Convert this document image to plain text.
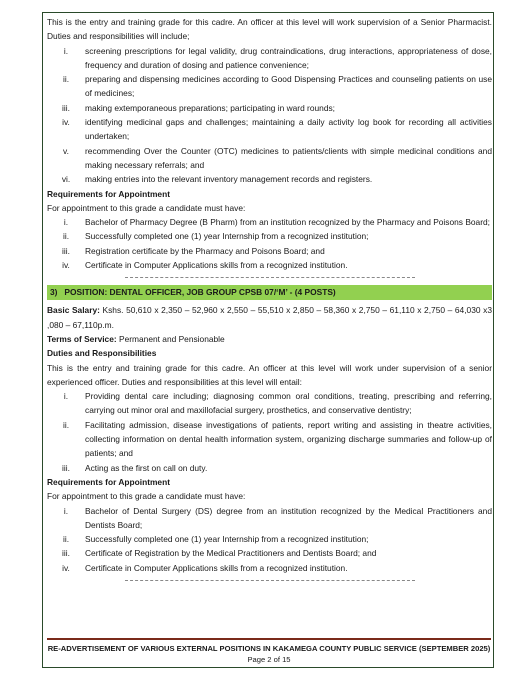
This is the entry and training grade for this cadre. An officer at this level will work supervision of a Senior Pharmacist. Duties and responsibilities will include;

i.	screening prescriptions for legal validity, drug contraindications, drug interactions, appropriateness of dose, frequency and duration of dosing and patience convenience;
ii.	preparing and dispensing medicines according to Good Dispensing Practices and counseling patients on use of medicines;
iii.	making extemporaneous preparations; participating in ward rounds;
iv.	identifying medicinal gaps and challenges; maintaining a daily activity log book for recording all activities undertaken;
v.	recommending Over the Counter (OTC) medicines to patients/clients with simple medicinal conditions and making necessary referrals; and
vi.	making entries into the relevant inventory management records and registers.

Requirements for Appointment

For appointment to this grade a candidate must have:

i.	Bachelor of Pharmacy Degree (B Pharm) from an institution recognized by the Pharmacy and Poisons Board;
ii.	Successfully completed one (1) year Internship from a recognized institution;
iii.	Registration certificate by the Pharmacy and Poisons Board; and
iv.	Certificate in Computer Applications skills from a recognized institution.
3)   POSITION: DENTAL OFFICER, JOB GROUP CPSB 07/‘M’ - (4 POSTS)

Basic Salary: Kshs. 50,610 x 2,350 – 52,960 x 2,550 – 55,510 x 2,850 – 58,360 x 2,750 – 61,110 x 2,750 – 64,030 x3 ,080 – 67,110p.m.

Terms of Service: Permanent and Pensionable

Duties and Responsibilities

This is the entry and training grade for this cadre. An officer at this level will work under supervision of a senior experienced officer. Duties and responsibilities at this level will entail:

i.	Providing dental care including; diagnosing common oral conditions, treating, prescribing and referring, carrying out minor oral and maxillofacial surgery, prosthetics, and conservative dentistry;
ii.	Facilitating admission, disease investigations of patients, report writing and assisting in theatre activities, collecting information on dental health information system, organizing discharge summaries and follow-up of patients; and
iii.	Acting as the first on call on duty.

Requirements for Appointment

For appointment to this grade a candidate must have:

i.	Bachelor of Dental Surgery (DS) degree from an institution recognized by the Medical Practitioners and Dentists Board;
ii.	Successfully completed one (1) year Internship from a recognized institution;
iii.	Certificate of Registration by the Medical Practitioners and Dentists Board; and
iv.	Certificate in Computer Applications skills from a recognized institution.
RE-ADVERTISEMENT OF VARIOUS EXTERNAL POSITIONS IN KAKAMEGA COUNTY PUBLIC SERVICE (SEPTEMBER 2025)
Page 2 of 15
